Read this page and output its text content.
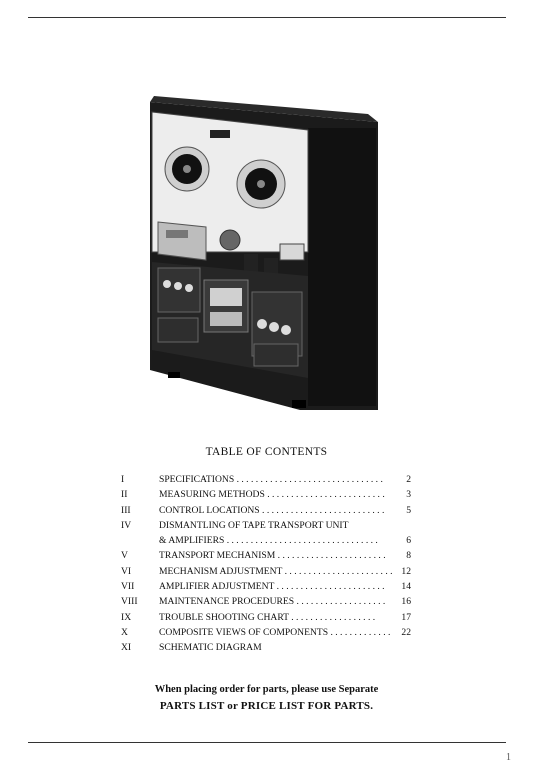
TABLE OF CONTENTS
I	SPECIFICATIONS . . . . . . . . . . . . . . . . . . . . . . . . . . . . . . . 2
II	MEASURING METHODS . . . . . . . . . . . . . . . . . . . . . . . . . 3
III	CONTROL LOCATIONS . . . . . . . . . . . . . . . . . . . . . . . . . . 5
IV	DISMANTLING OF TAPE TRANSPORT UNIT
& AMPLIFIERS . . . . . . . . . . . . . . . . . . . . . . . . . . . . . . . .	6
V	TRANSPORT MECHANISM . . . . . . . . . . . . . . . . . . . . . . . 8
VI	MECHANISM ADJUSTMENT . . . . . . . . . . . . . . . . . . . . . . . 12
VII	AMPLIFIER ADJUSTMENT . . . . . . . . . . . . . . . . . . . . . . . 14
VIII MAINTENANCE PROCEDURES . . . . . . . . . . . . . . . . . . . 16
IX	TROUBLE SHOOTING CHART . . . . . . . . . . . . . . . . . .	17
X	COMPOSITE VIEWS OF COMPONENTS . . . . . . . . . . . . . 22
XI	SCHEMATIC DIAGRAM
When placing order for parts, please use Separate
PARTS LIST or PRICE LIST FOR PARTS.
1
